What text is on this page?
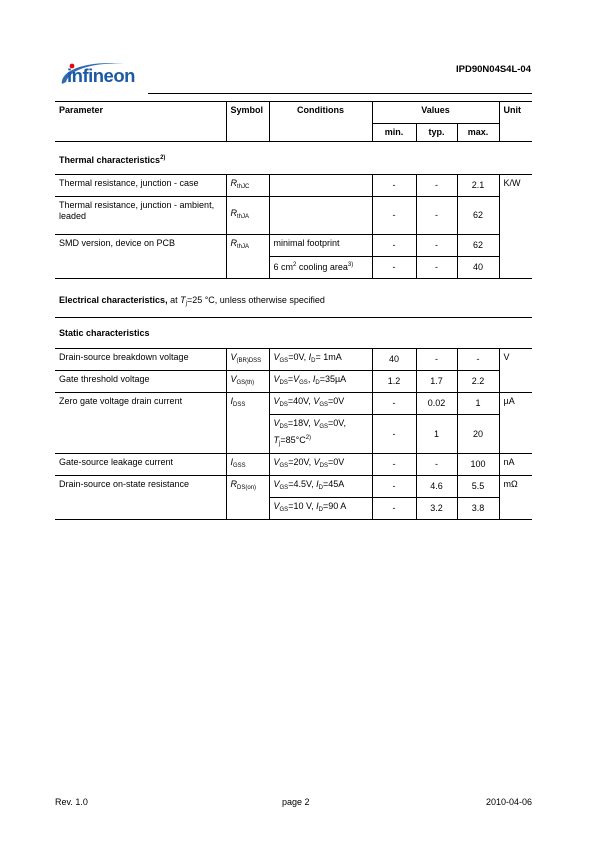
infineon	IPD90N04S4L-04
Parameter	Symbol	Conditions	Values			Unit
			min.	typ.	max.	
Thermal characteristics$^{2)}$
Thermal resistance, junction - case	$R_{thJC}$		-	-	2.1	K/W
Thermal resistance, junction - ambient, leaded	$R_{thJA}$		-	-	62	
SMD version, device on PCB	$R_{thJA}$	minimal footprint	-	-	62	
		6 $cm^2$ cooling area$^{3)}$	-	-	40	
Electrical characteristics, at $T_j=25$ °C, unless otherwise specified						
Static characteristics						
Drain-source breakdown voltage	$V_{(BR)DSS}$	$V_{GS}=0V$, $I_D= 1mA$	40	-	-	V
Gate threshold voltage	$V_{GS(th)}$	$V_{DS}=V_{GS}$, $I_D=35\mu A$	1.2	1.7	2.2	
Zero gate voltage drain current	$I_{DSS}$	$V_{DS}=40V$, $V_{GS}=0V$	-	0.02	1	µA
		$V_{DS}=18V$, $V_{GS}=0V$,
$T_j=85^\circ C^{2)}$	-	1	20	
Gate-source leakage current	$I_{GSS}$	$V_{GS}=20V$, $V_{DS}=0V$	-	-	100	nA
Drain-source on-state resistance	$R_{DS(on)}$	$V_{GS}=4.5V$, $I_D=45A$	-	4.6	5.5	mΩ
		$V_{GS}=10$ V, $I_D=90$ A	-	3.2	3.8	
Rev. 1.0	page 2	2010-04-06
